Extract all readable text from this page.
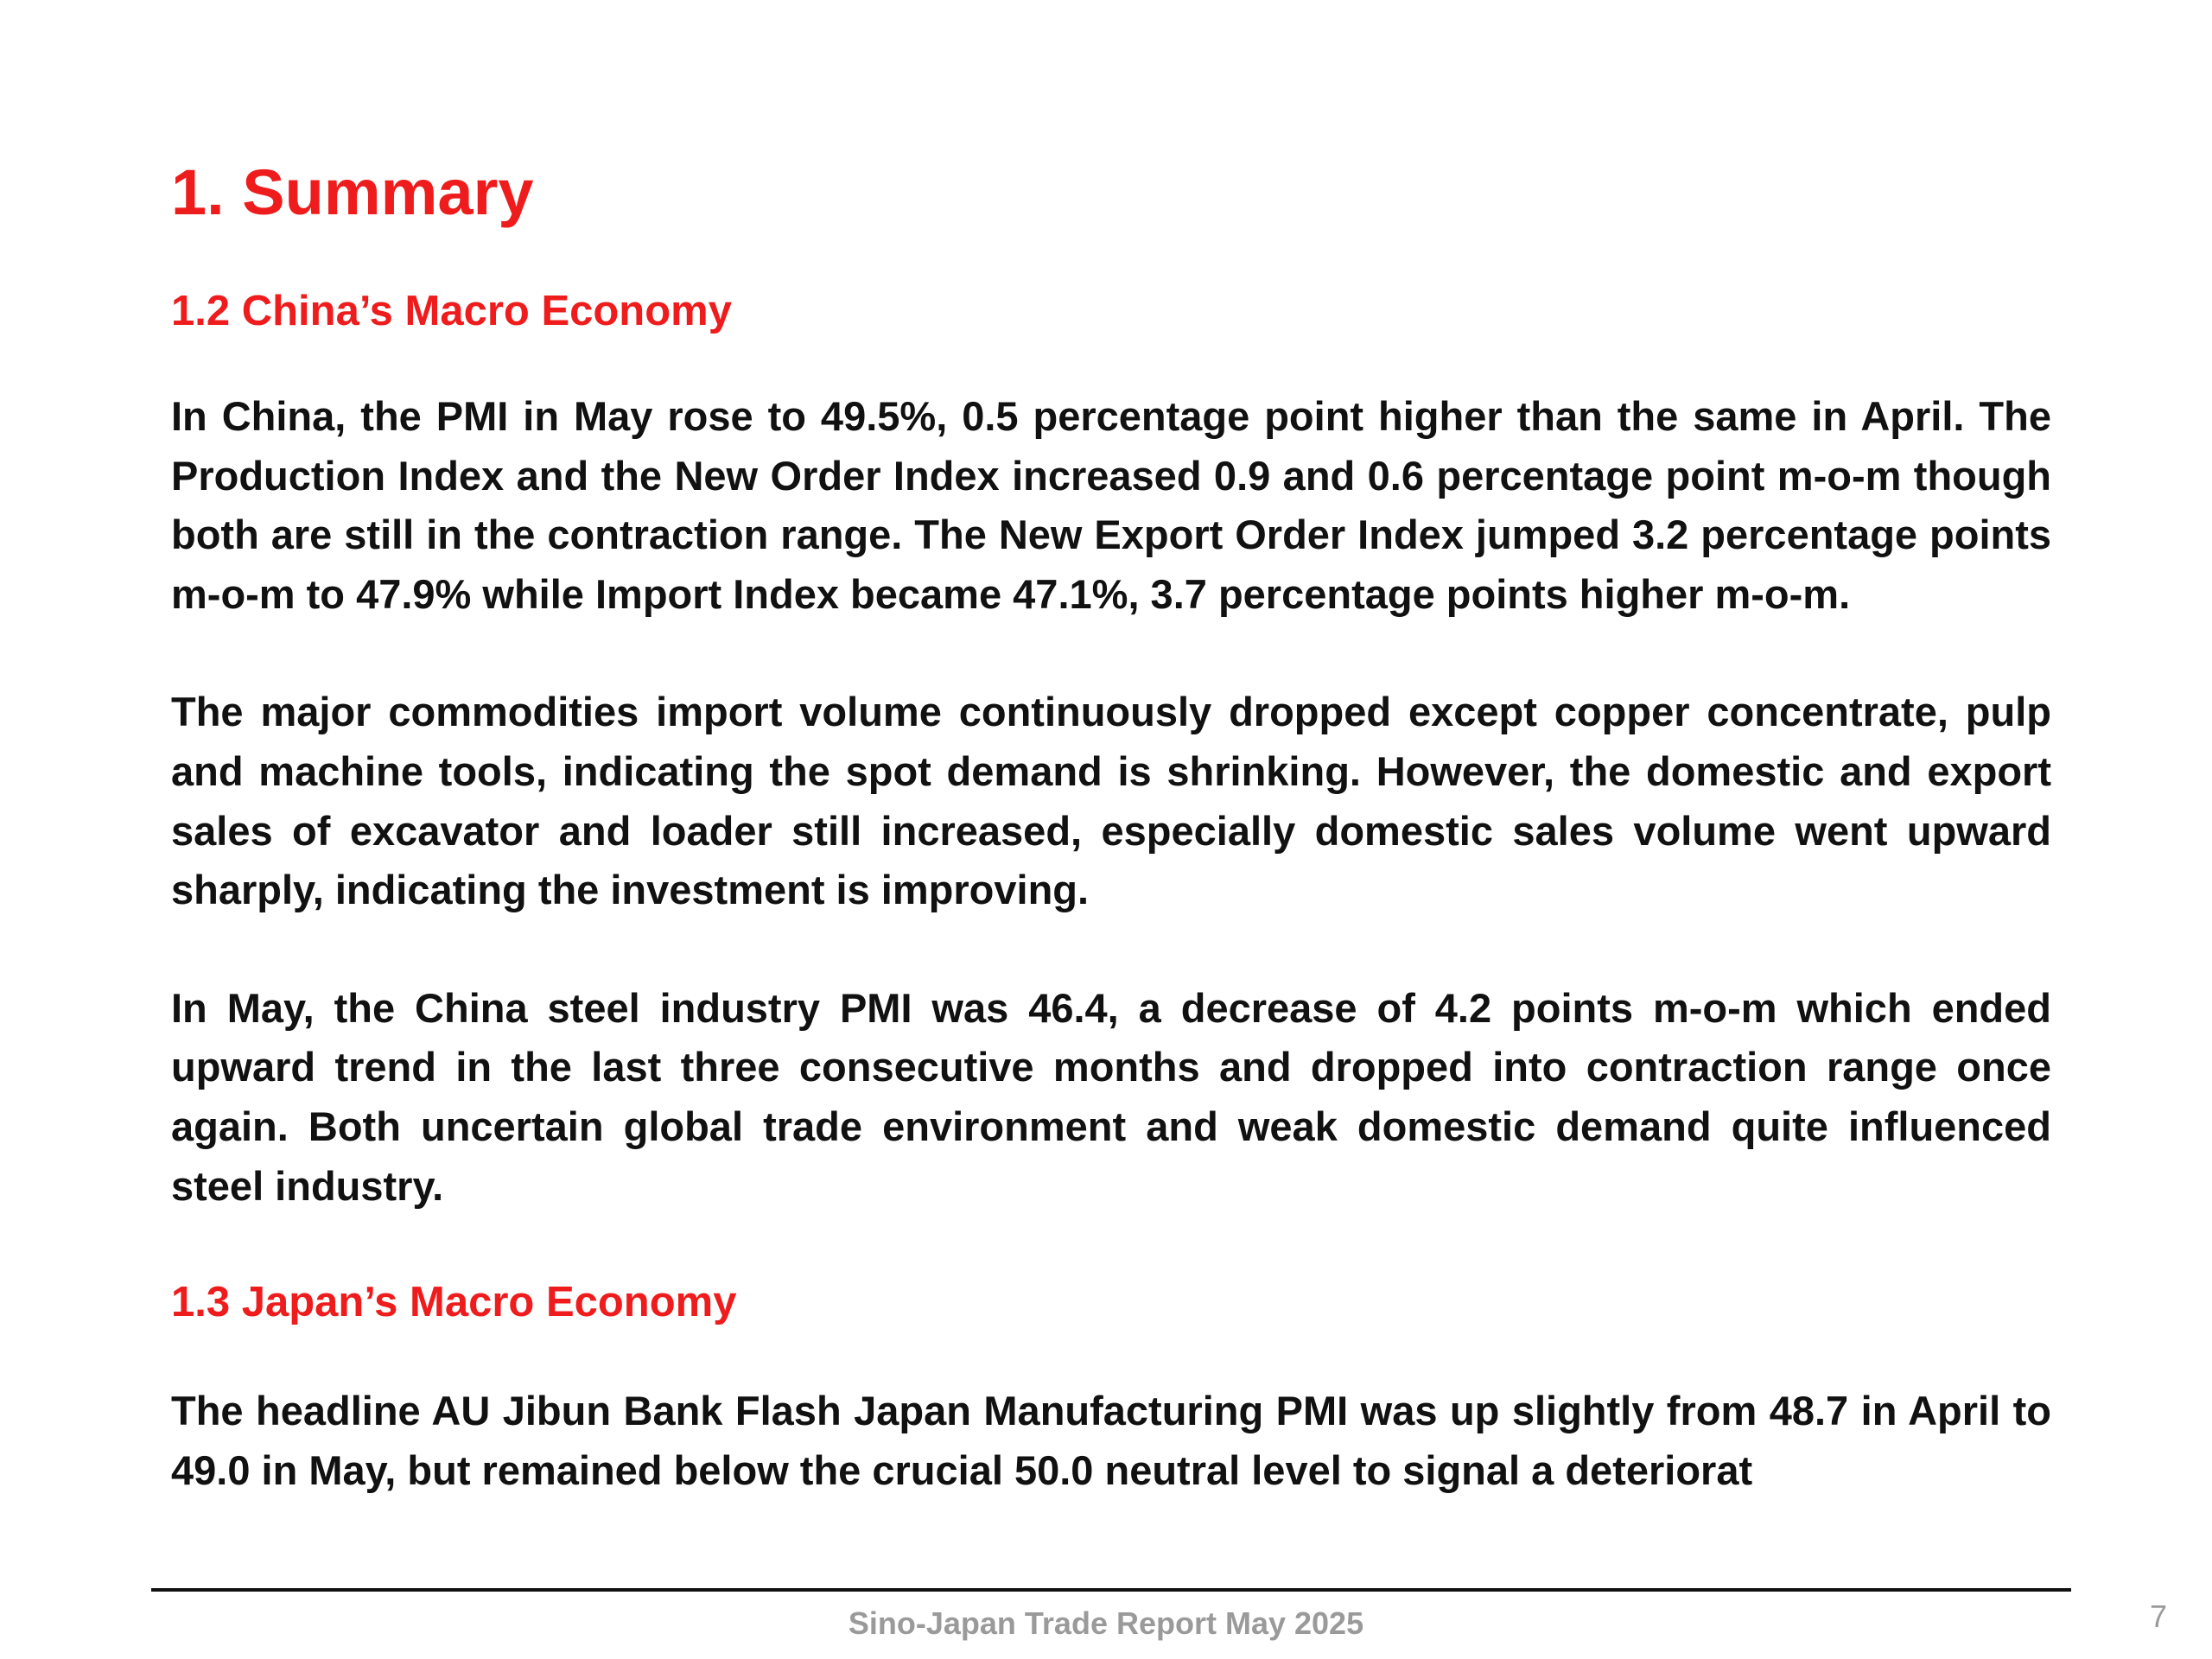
1. Summary
1.2 China’s Macro Economy

In China, the PMI in May rose to 49.5%, 0.5 percentage point higher than the same in April. The Production Index and the New Order Index increased 0.9 and 0.6 percentage point m-o-m though both are still in the contraction range. The New Export Order Index jumped 3.2 percentage points m-o-m to 47.9% while Import Index became 47.1%, 3.7 percentage points higher m-o-m.

The major commodities import volume continuously dropped except copper concentrate, pulp and machine tools, indicating the spot demand is shrinking. However, the domestic and export sales of excavator and loader still increased, especially domestic sales volume went upward sharply, indicating the investment is improving.

In May, the China steel industry PMI was 46.4, a decrease of 4.2 points m-o-m which ended upward trend in the last three consecutive months and dropped into contraction range once again. Both uncertain global trade environment and weak domestic demand quite influenced steel industry.

1.3 Japan’s Macro Economy

The headline AU Jibun Bank Flash Japan Manufacturing PMI was up slightly from 48.7 in April to 49.0 in May, but remained below the crucial 50.0 neutral level to signal a deteriorat

Sino-Japan Trade Report May 2025	7
